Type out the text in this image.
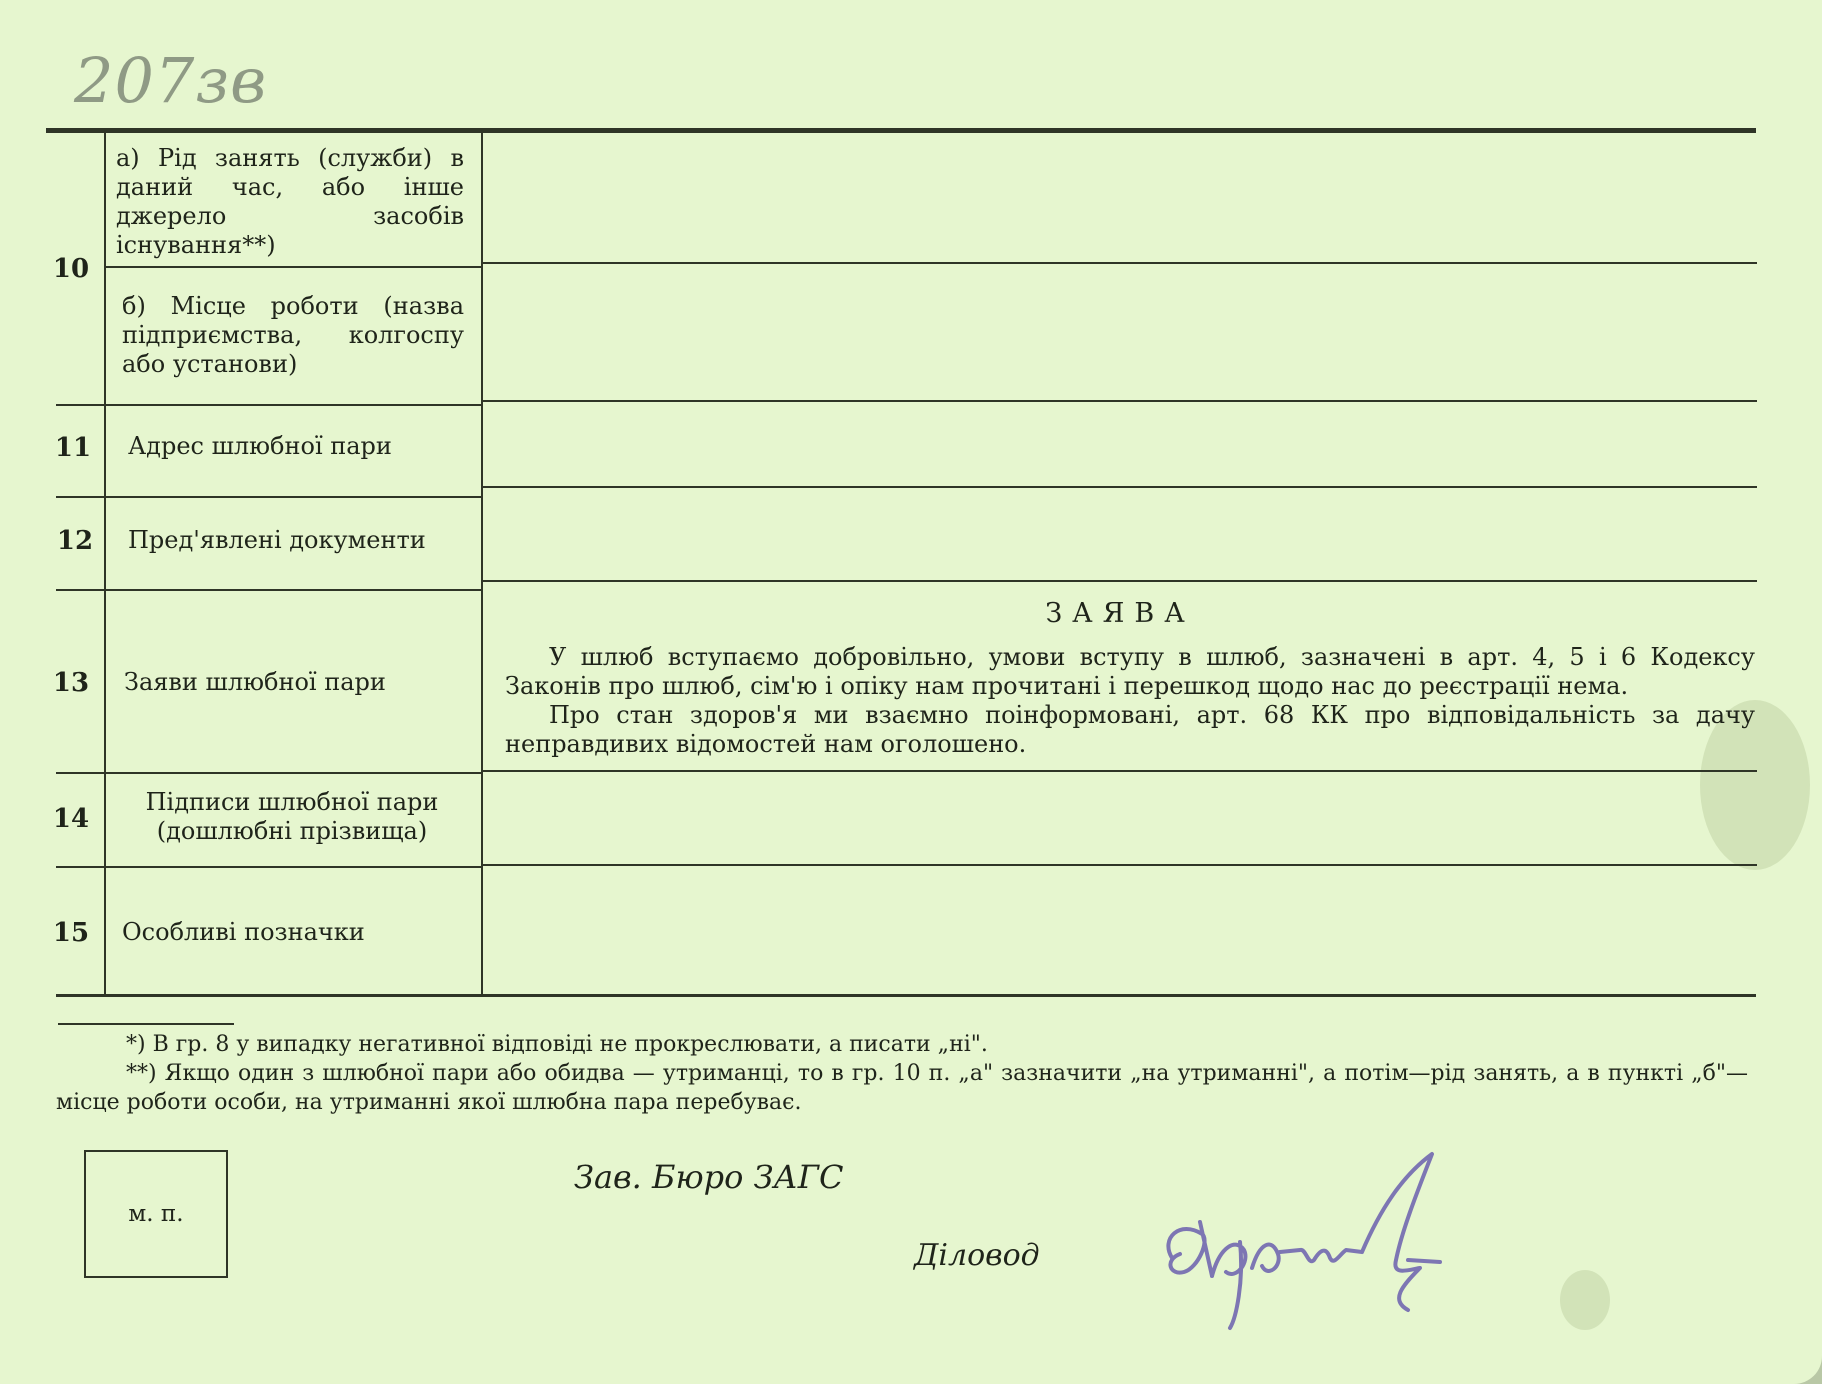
207зв
10
11
12
13
14
15
а) Рід занять (служби) в даний час, або інше джерело засобів існування**)
б) Місце роботи (назва підприємства, колгоспу або установи)
Адрес шлюбної пари
Пред'явлені документи
Заяви шлюбної пари
Підписи шлюбної пари (дошлюбні прізвища)
Особливі позначки
ЗАЯВА

У шлюб вступаємо добровільно, умови вступу в шлюб, зазначені в арт. 4, 5 і 6 Кодексу Законів про шлюб, сім'ю і опіку нам прочитані і перешкод щодо нас до реєстрації нема.

Про стан здоров'я ми взаємно поінформовані, арт. 68 КК про відповідальність за дачу неправдивих відомостей нам оголошено.

*) В гр. 8 у випадку негативної відповіді не прокреслювати, а писати „ні".

**) Якщо один з шлюбної пари або обидва — утриманці, то в гр. 10 п. „а" зазначити „на утриманні", а потім—рід занять, а в пункті „б"—місце роботи особи, на утриманні якої шлюбна пара перебуває.

м. п.
Зав. Бюро ЗАГС
Діловод
